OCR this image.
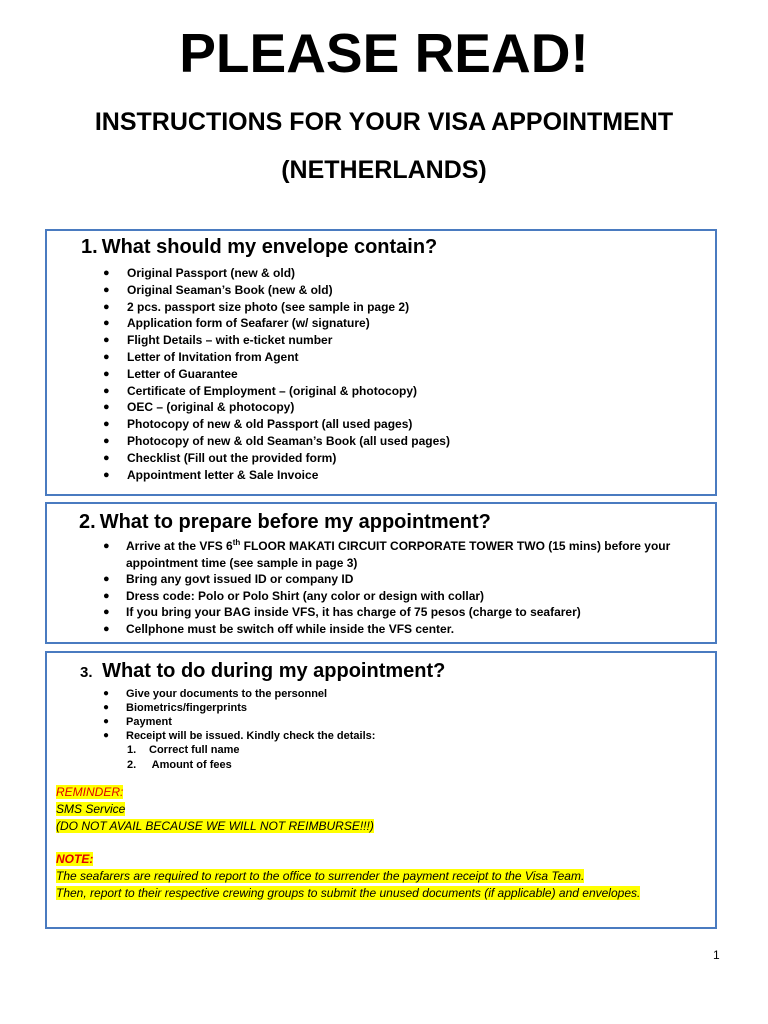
PLEASE READ!
INSTRUCTIONS FOR YOUR VISA APPOINTMENT
(NETHERLANDS)
1. What should my envelope contain?
● Original Passport (new & old)
● Original Seaman’s Book (new & old)
● 2 pcs. passport size photo (see sample in page 2)
● Application form of Seafarer (w/ signature)
● Flight Details – with e-ticket number
● Letter of Invitation from Agent
● Letter of Guarantee
● Certificate of Employment – (original & photocopy)
● OEC – (original & photocopy)
● Photocopy of new & old Passport (all used pages)
● Photocopy of new & old Seaman’s Book (all used pages)
● Checklist (Fill out the provided form)
● Appointment letter & Sale Invoice
2. What to prepare before my appointment?
● Arrive at the VFS 6th FLOOR MAKATI CIRCUIT CORPORATE TOWER TWO (15 mins) before your appointment time (see sample in page 3)
● Bring any govt issued ID or company ID
● Dress code: Polo or Polo Shirt (any color or design with collar)
● If you bring your BAG inside VFS, it has charge of 75 pesos (charge to seafarer)
● Cellphone must be switch off while inside the VFS center.
3. What to do during my appointment?
● Give your documents to the personnel
● Biometrics/fingerprints
● Payment
● Receipt will be issued. Kindly check the details:
1. Correct full name
2. Amount of fees
REMINDER:
SMS Service
(DO NOT AVAIL BECAUSE WE WILL NOT REIMBURSE!!!)
NOTE:
The seafarers are required to report to the office to surrender the payment receipt to the Visa Team.
Then, report to their respective crewing groups to submit the unused documents (if applicable) and envelopes.
1
